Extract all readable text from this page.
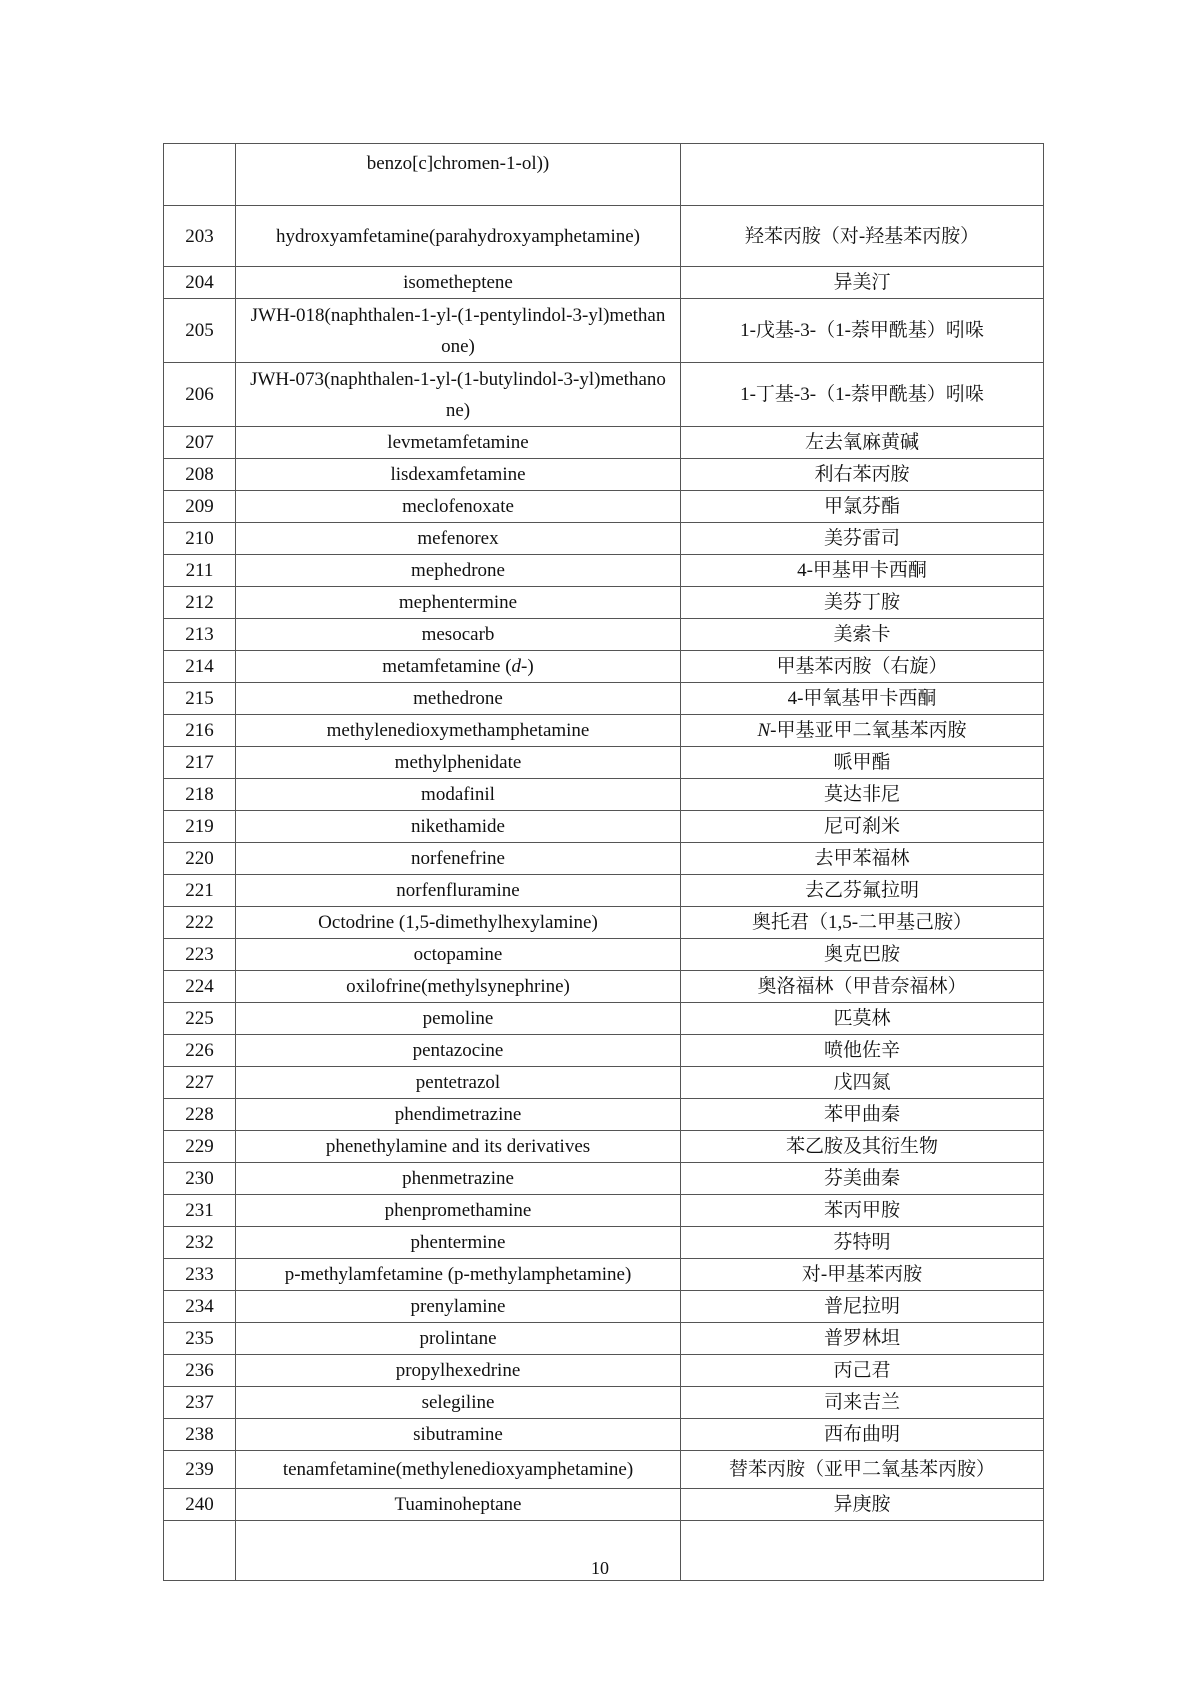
	benzo[c]chromen-1-ol))	
203	hydroxyamfetamine(parahydroxyamphetamine)	羟苯丙胺（对-羟基苯丙胺）
204	isometheptene	异美汀
205	JWH-018(naphthalen-1-yl-(1-pentylindol-3-yl)methanone)	1-戊基-3-（1-萘甲酰基）吲哚
206	JWH-073(naphthalen-1-yl-(1-butylindol-3-yl)methanone)	1-丁基-3-（1-萘甲酰基）吲哚
207	levmetamfetamine	左去氧麻黄碱
208	lisdexamfetamine	利右苯丙胺
209	meclofenoxate	甲氯芬酯
210	mefenorex	美芬雷司
211	mephedrone	4-甲基甲卡西酮
212	mephentermine	美芬丁胺
213	mesocarb	美索卡
214	metamfetamine (d-)	甲基苯丙胺（右旋）
215	methedrone	4-甲氧基甲卡西酮
216	methylenedioxymethamphetamine	N-甲基亚甲二氧基苯丙胺
217	methylphenidate	哌甲酯
218	modafinil	莫达非尼
219	nikethamide	尼可刹米
220	norfenefrine	去甲苯福林
221	norfenfluramine	去乙芬氟拉明
222	Octodrine (1,5-dimethylhexylamine)	奥托君（1,5-二甲基己胺）
223	octopamine	奥克巴胺
224	oxilofrine(methylsynephrine)	奥洛福林（甲昔奈福林）
225	pemoline	匹莫林
226	pentazocine	喷他佐辛
227	pentetrazol	戊四氮
228	phendimetrazine	苯甲曲秦
229	phenethylamine and its derivatives	苯乙胺及其衍生物
230	phenmetrazine	芬美曲秦
231	phenpromethamine	苯丙甲胺
232	phentermine	芬特明
233	p-methylamfetamine (p-methylamphetamine)	对-甲基苯丙胺
234	prenylamine	普尼拉明
235	prolintane	普罗林坦
236	propylhexedrine	丙己君
237	selegiline	司来吉兰
238	sibutramine	西布曲明
239	tenamfetamine(methylenedioxyamphetamine)	替苯丙胺（亚甲二氧基苯丙胺）
240	Tuaminoheptane	异庚胺

10
